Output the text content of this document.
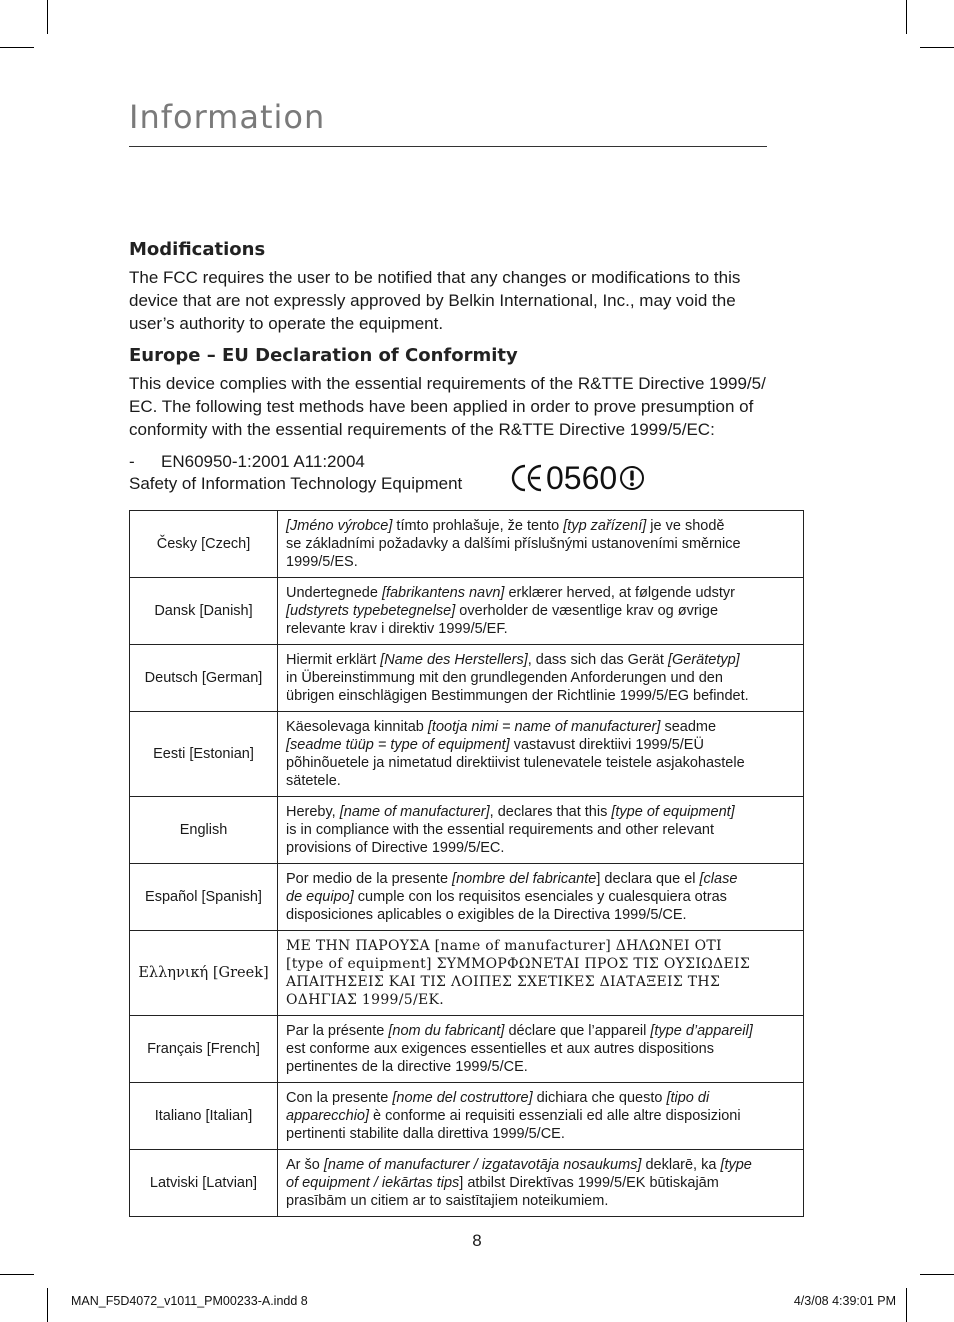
Information
Modifications

The FCC requires the user to be notified that any changes or modifications to this
device that are not expressly approved by Belkin International, Inc., may void the
user’s authority to operate the equipment.

Europe – EU Declaration of Conformity

This device complies with the essential requirements of the R&TTE Directive 1999/5/
EC. The following test methods have been applied in order to prove presumption of
conformity with the essential requirements of the R&TTE Directive 1999/5/EC:

- EN60950-1:2001 A11:2004
Safety of Information Technology Equipment	0560
Česky [Czech]	[Jméno výrobce] tímto prohlašuje, že tento [typ zařízení] je ve shodě
se základními požadavky a dalšími příslušnými ustanoveními směrnice
1999/5/ES.
Dansk [Danish]	Undertegnede [fabrikantens navn] erklærer herved, at følgende udstyr
[udstyrets typebetegnelse] overholder de væsentlige krav og øvrige
relevante krav i direktiv 1999/5/EF.
Deutsch [German]	Hiermit erklärt [Name des Herstellers], dass sich das Gerät [Gerätetyp]
in Übereinstimmung mit den grundlegenden Anforderungen und den
übrigen einschlägigen Bestimmungen der Richtlinie 1999/5/EG befindet.
Eesti [Estonian]	Käesolevaga kinnitab [tootja nimi = name of manufacturer] seadme
[seadme tüüp = type of equipment] vastavust direktiivi 1999/5/EÜ
põhinõuetele ja nimetatud direktiivist tulenevatele teistele asjakohastele
sätetele.
English	Hereby, [name of manufacturer], declares that this [type of equipment]
is in compliance with the essential requirements and other relevant
provisions of Directive 1999/5/EC.
Español [Spanish]	Por medio de la presente [nombre del fabricante] declara que el [clase
de equipo] cumple con los requisitos esenciales y cualesquiera otras
disposiciones aplicables o exigibles de la Directiva 1999/5/CE.
Ελληνική [Greek]	ΜΕ ΤΗΝ ΠΑΡΟΥΣΑ [name of manufacturer] ΔΗΛΩΝΕΙ ΟΤΙ
[type of equipment] ΣΥΜΜΟΡΦΩΝΕΤΑΙ ΠΡΟΣ ΤΙΣ ΟΥΣΙΩΔΕΙΣ
ΑΠΑΙΤΗΣΕΙΣ ΚΑΙ ΤΙΣ ΛΟΙΠΕΣ ΣΧΕΤΙΚΕΣ ΔΙΑΤΑΞΕΙΣ ΤΗΣ
ΟΔΗΓΙΑΣ 1999/5/ΕΚ.
Français [French]	Par la présente [nom du fabricant] déclare que l’appareil [type d’appareil]
est conforme aux exigences essentielles et aux autres dispositions
pertinentes de la directive 1999/5/CE.
Italiano [Italian]	Con la presente [nome del costruttore] dichiara che questo [tipo di
apparecchio] è conforme ai requisiti essenziali ed alle altre disposizioni
pertinenti stabilite dalla direttiva 1999/5/CE.
Latviski [Latvian]	Ar šo [name of manufacturer / izgatavotāja nosaukums] deklarē, ka [type
of equipment / iekārtas tips] atbilst Direktīvas 1999/5/EK būtiskajām
prasībām un citiem ar to saistītajiem noteikumiem.
8
MAN_F5D4072_v1011_PM00233-A.indd 8	4/3/08 4:39:01 PM
